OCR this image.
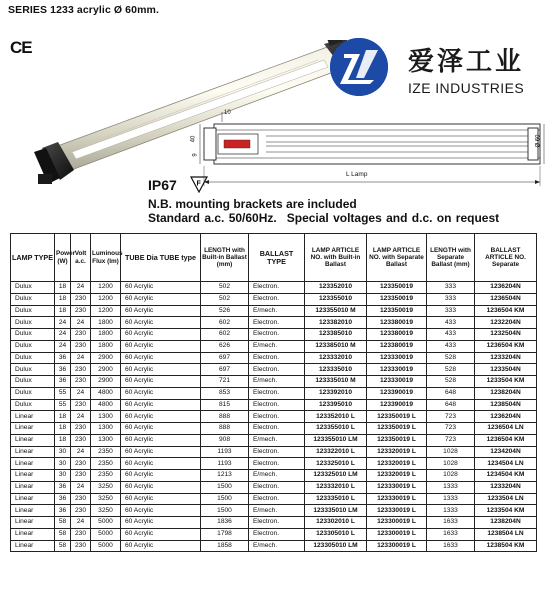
SERIES 1233 acrylic Ø 60mm.
CE	爱泽工业
IZE INDUSTRIES
10
40
9
Ø 60
L Lamp
IP67	F
N.B. mounting brackets are included
Standard a.c. 50/60Hz. Special voltages and d.c. on request
LAMP TYPE	Power (W)	Volt a.c.	Luminous Flux (lm)	TUBE Dia TUBE type	LENGTH with Built-in Ballast (mm)	BALLAST TYPE	LAMP ARTICLE NO. with Built-in Ballast	LAMP ARTICLE NO. with Separate Ballast	LENGTH with Separate Ballast (mm)	BALLAST ARTICLE NO. Separate
Dulux	18	24	1200	60 Acrylic	502	Electron.	123352010	123350019	333	1236204N
Dulux	18	230	1200	60 Acrylic	502	Electron.	123355010	123350019	333	1236504N
Dulux	18	230	1200	60 Acrylic	526	E/mech.	123355010 M	123350019	333	1236504 KM
Dulux	24	24	1800	60 Acrylic	602	Electron.	123382010	123380019	433	1232204N
Dulux	24	230	1800	60 Acrylic	602	Electron.	123385010	123380019	433	1232504N
Dulux	24	230	1800	60 Acrylic	626	E/mech.	123385010 M	123380019	433	1236504 KM
Dulux	36	24	2900	60 Acrylic	697	Electron.	123332010	123330019	528	1233204N
Dulux	36	230	2900	60 Acrylic	697	Electron.	123335010	123330019	528	1233504N
Dulux	36	230	2900	60 Acrylic	721	E/mech.	123335010 M	123330019	528	1233504 KM
Dulux	55	24	4800	60 Acrylic	853	Electron.	123392010	123390019	648	1238204N
Dulux	55	230	4800	60 Acrylic	815	Electron.	123395010	123390019	648	1238504N
Linear	18	24	1300	60 Acrylic	888	Electron.	123352010 L	123350019 L	723	1236204N
Linear	18	230	1300	60 Acrylic	888	Electron.	123355010 L	123350019 L	723	1236504 LN
Linear	18	230	1300	60 Acrylic	908	E/mech.	123355010 LM	123350019 L	723	1236504 KM
Linear	30	24	2350	60 Acrylic	1193	Electron.	123322010 L	123320019 L	1028	1234204N
Linear	30	230	2350	60 Acrylic	1193	Electron.	123325010 L	123320019 L	1028	1234504 LN
Linear	30	230	2350	60 Acrylic	1213	E/mech.	123325010 LM	123320019 L	1028	1234504 KM
Linear	36	24	3250	60 Acrylic	1500	Electron.	123332010 L	123330019 L	1333	1233204N
Linear	36	230	3250	60 Acrylic	1500	Electron.	123335010 L	123330019 L	1333	1233504 LN
Linear	36	230	3250	60 Acrylic	1500	E/mech.	123335010 LM	123330019 L	1333	1233504 KM
Linear	58	24	5000	60 Acrylic	1836	Electron.	123302010 L	123300019 L	1633	1238204N
Linear	58	230	5000	60 Acrylic	1798	Electron.	123305010 L	123300019 L	1633	1238504 LN
Linear	58	230	5000	60 Acrylic	1858	E/mech.	123305010 LM	123300019 L	1633	1238504 KM
